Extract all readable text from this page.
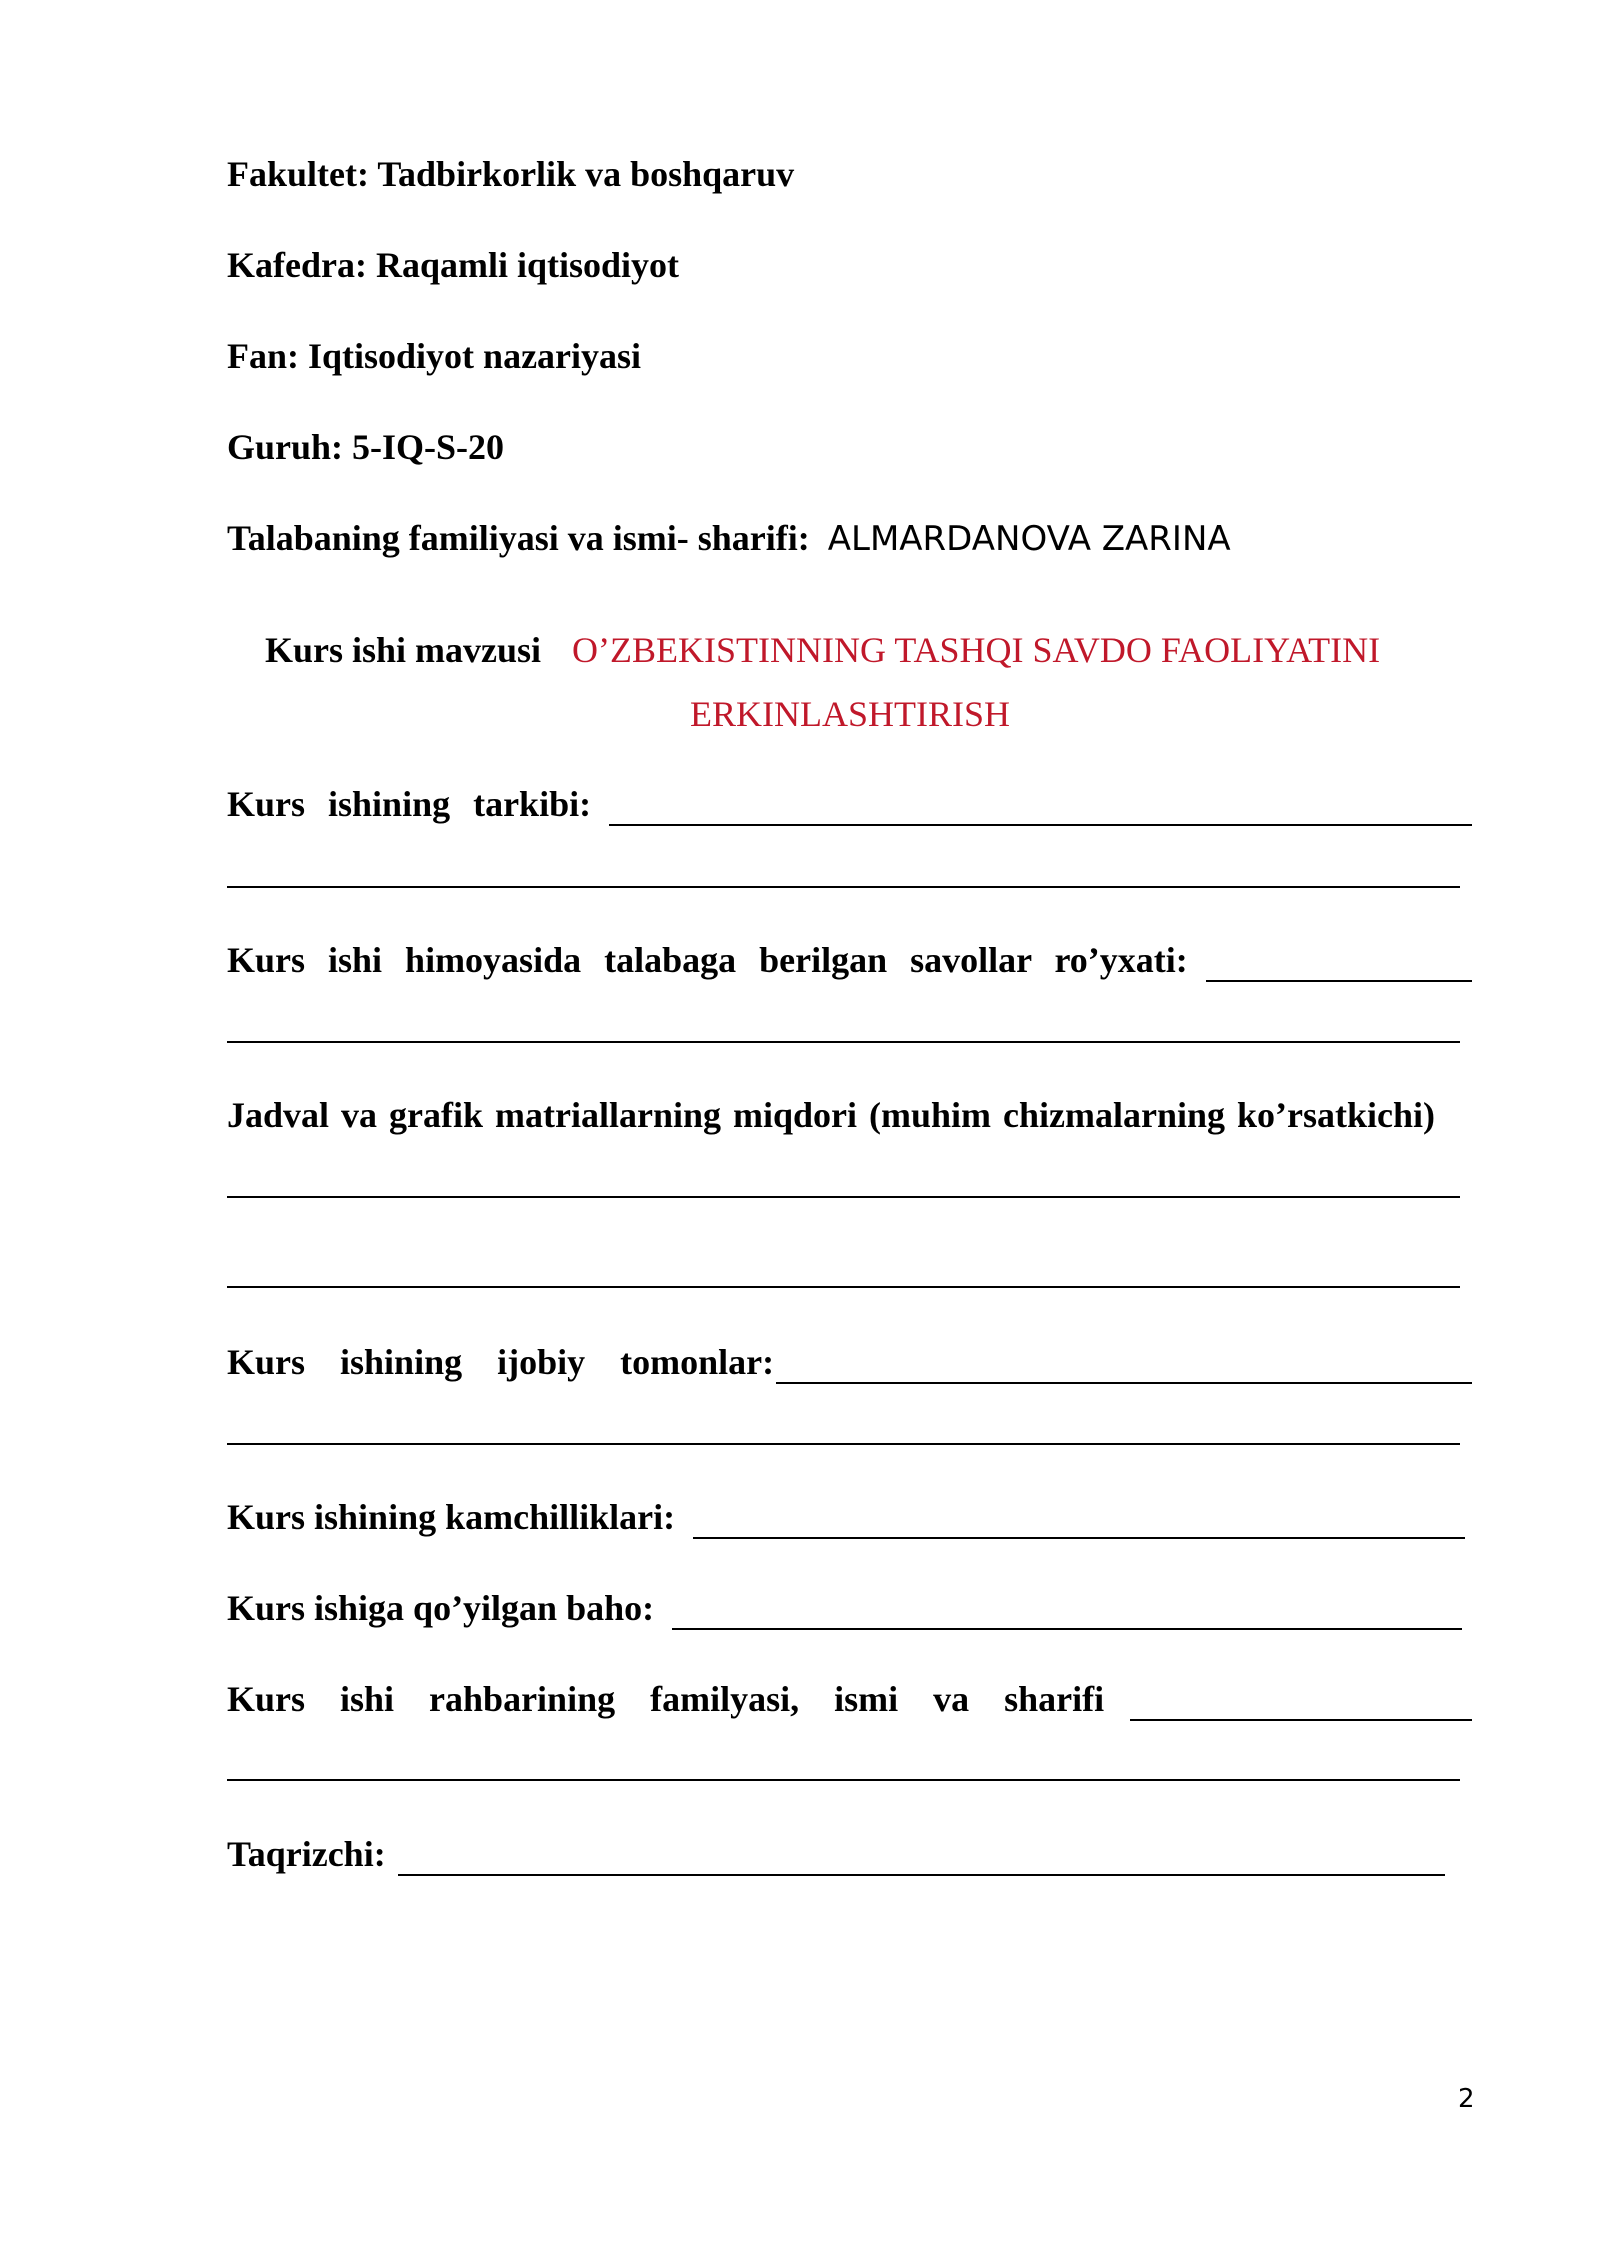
Fakultet: Tadbirkorlik va boshqaruv
Kafedra: Raqamli iqtisodiyot
Fan: Iqtisodiyot nazariyasi
Guruh: 5-IQ-S-20
Talabaning familiyasi va ismi- sharifi: ALMARDANOVA ZARINA
Kurs ishi mavzusi O’ZBEKISTINNING TASHQI SAVDO FAOLIYATINI
ERKINLASHTIRISH
Kurs ishining tarkibi:
Kurs ishi himoyasida talabaga berilgan savollar ro’yxati:
Jadval va grafik matriallarning miqdori (muhim chizmalarning ko’rsatkichi)
Kurs ishining ijobiy tomonlar:
Kurs ishining kamchilliklari:
Kurs ishiga qo’yilgan baho:
Kurs ishi rahbarining familyasi, ismi va sharifi
Taqrizchi:
2
